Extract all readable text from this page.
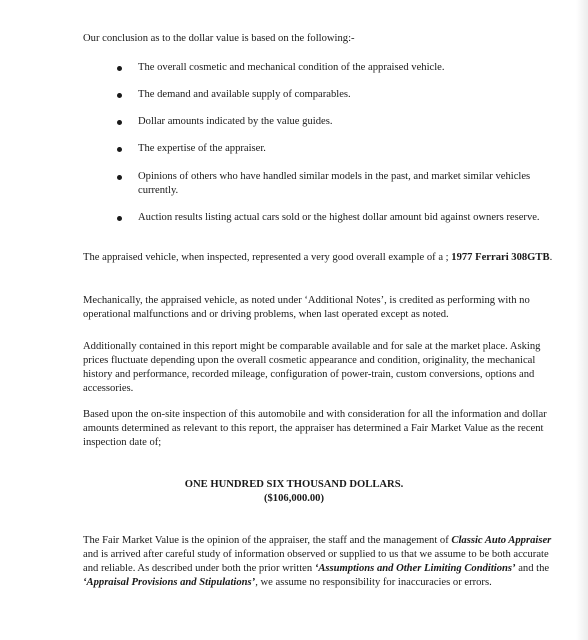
Our conclusion as to the dollar value is based on the following:-

The overall cosmetic and mechanical condition of the appraised vehicle.

The demand and available supply of comparables.

Dollar amounts indicated by the value guides.

The expertise of the appraiser.

Opinions of others who have handled similar models in the past, and market similar vehicles currently.

Auction results listing actual cars sold or the highest dollar amount bid against owners reserve.

The appraised vehicle, when inspected, represented a very good overall example of a ; 1977 Ferrari 308GTB.

Mechanically, the appraised vehicle, as noted under ‘Additional Notes’, is credited as performing with no operational malfunctions and or driving problems, when last operated except as noted.

Additionally contained in this report might be comparable available and for sale at the market place. Asking prices fluctuate depending upon the overall cosmetic appearance and condition, originality, the mechanical history and performance, recorded mileage, configuration of power-train, custom conversions, options and accessories.

Based upon the on-site inspection of this automobile and with consideration for all the information and dollar amounts determined as relevant to this report, the appraiser has determined a Fair Market Value as the recent inspection date of;

ONE HUNDRED SIX THOUSAND DOLLARS.

($106,000.00)

The Fair Market Value is the opinion of the appraiser, the staff and the management of Classic Auto Appraiser and is arrived after careful study of information observed or supplied to us that we assume to be both accurate and reliable. As described under both the prior written ‘Assumptions and Other Limiting Conditions’ and the ‘Appraisal Provisions and Stipulations’, we assume no responsibility for inaccuracies or errors.
